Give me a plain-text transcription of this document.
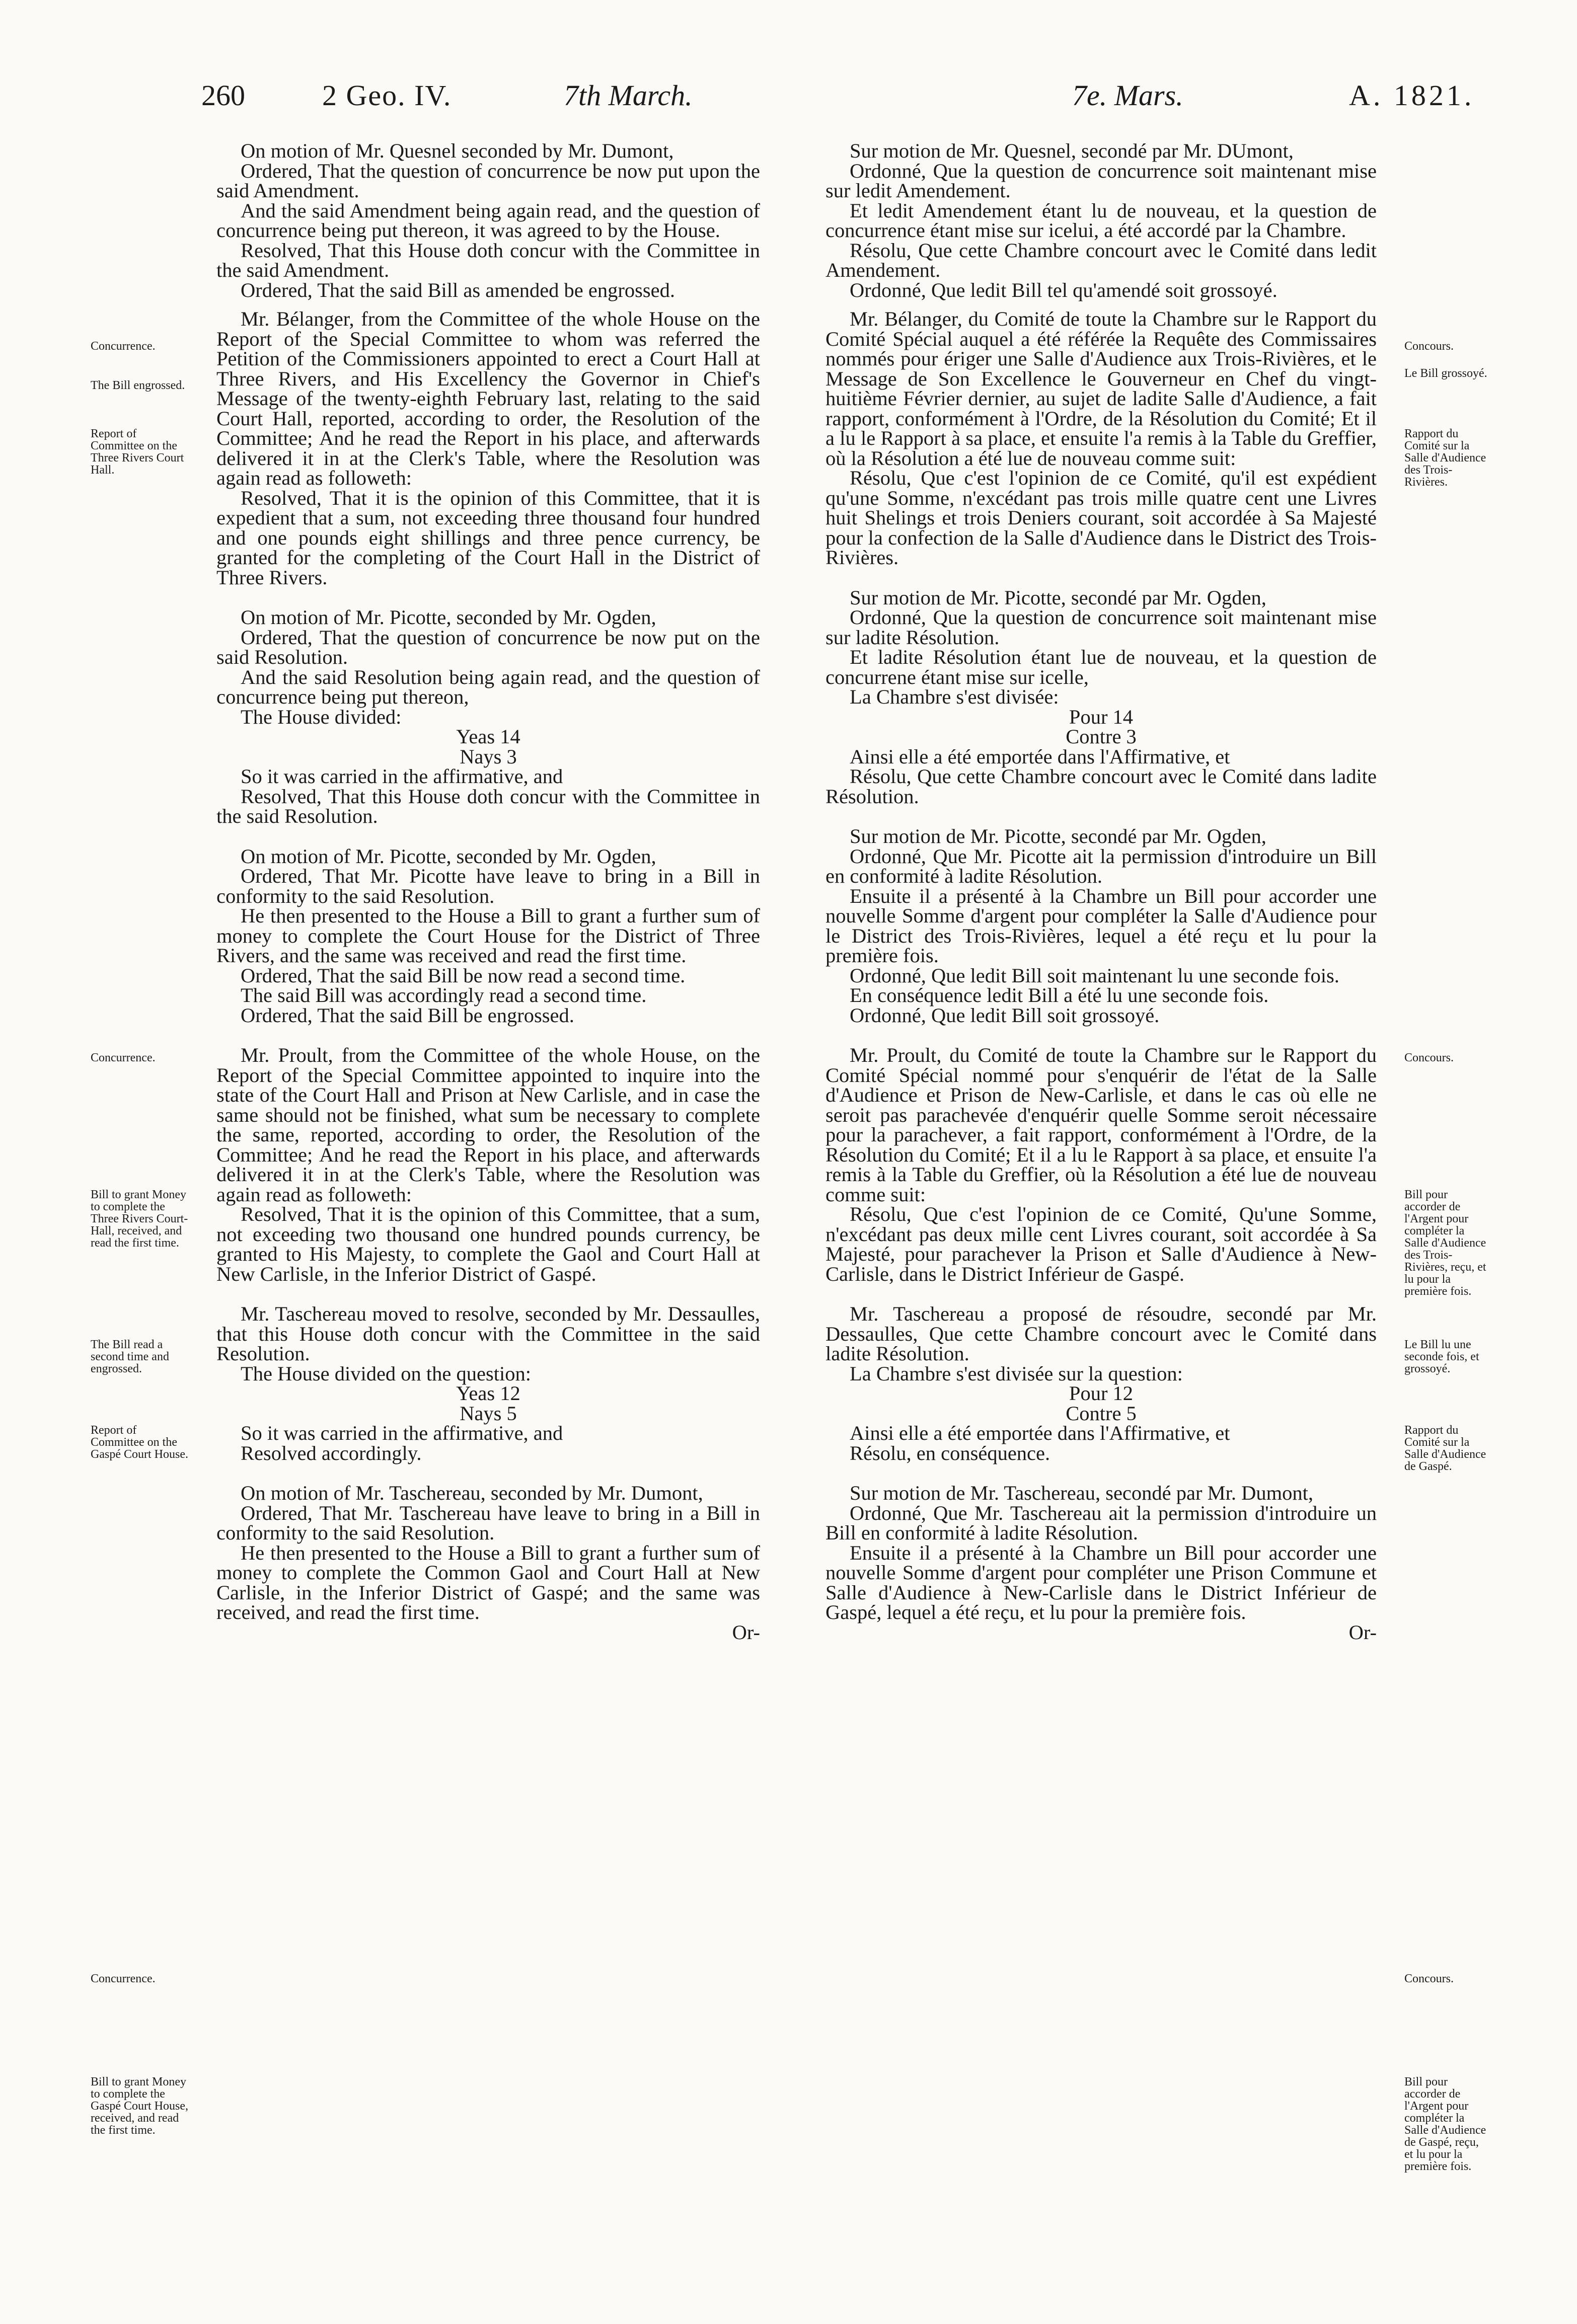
260	2 Geo. IV.	7th March.	7e. Mars.	A. 1821.

On motion of Mr. Quesnel seconded by Mr. Dumont,

Ordered, That the question of concurrence be now put upon the said Amendment.

And the said Amendment being again read, and the question of concurrence being put thereon, it was agreed to by the House.

Resolved, That this House doth concur with the Committee in the said Amendment.

Ordered, That the said Bill as amended be engrossed.

Mr. Bélanger, from the Committee of the whole House on the Report of the Special Committee to whom was referred the Petition of the Commissioners appointed to erect a Court Hall at Three Rivers, and His Excellency the Governor in Chief's Message of the twenty-eighth February last, relating to the said Court Hall, reported, according to order, the Resolution of the Committee; And he read the Report in his place, and afterwards delivered it in at the Clerk's Table, where the Resolution was again read as followeth:

Resolved, That it is the opinion of this Committee, that it is expedient that a sum, not exceeding three thousand four hundred and one pounds eight shillings and three pence currency, be granted for the completing of the Court Hall in the District of Three Rivers.

On motion of Mr. Picotte, seconded by Mr. Ogden,

Ordered, That the question of concurrence be now put on the said Resolution.

And the said Resolution being again read, and the question of concurrence being put thereon,

The House divided:

Yeas 14

Nays 3

So it was carried in the affirmative, and

Resolved, That this House doth concur with the Committee in the said Resolution.

On motion of Mr. Picotte, seconded by Mr. Ogden,

Ordered, That Mr. Picotte have leave to bring in a Bill in conformity to the said Resolution.

He then presented to the House a Bill to grant a further sum of money to complete the Court House for the District of Three Rivers, and the same was received and read the first time.

Ordered, That the said Bill be now read a second time.

The said Bill was accordingly read a second time.

Ordered, That the said Bill be engrossed.

Mr. Proult, from the Committee of the whole House, on the Report of the Special Committee appointed to inquire into the state of the Court Hall and Prison at New Carlisle, and in case the same should not be finished, what sum be necessary to complete the same, reported, according to order, the Resolution of the Committee; And he read the Report in his place, and afterwards delivered it in at the Clerk's Table, where the Resolution was again read as followeth:

Resolved, That it is the opinion of this Committee, that a sum, not exceeding two thousand one hundred pounds currency, be granted to His Majesty, to complete the Gaol and Court Hall at New Carlisle, in the Inferior District of Gaspé.

Mr. Taschereau moved to resolve, seconded by Mr. Dessaulles, that this House doth concur with the Committee in the said Resolution.

The House divided on the question:

Yeas 12

Nays 5

So it was carried in the affirmative, and

Resolved accordingly.

On motion of Mr. Taschereau, seconded by Mr. Dumont,

Ordered, That Mr. Taschereau have leave to bring in a Bill in conformity to the said Resolution.

He then presented to the House a Bill to grant a further sum of money to complete the Common Gaol and Court Hall at New Carlisle, in the Inferior District of Gaspé; and the same was received, and read the first time.

Or-

Sur motion de Mr. Quesnel, secondé par Mr. DUmont,

Ordonné, Que la question de concurrence soit maintenant mise sur ledit Amendement.

Et ledit Amendement étant lu de nouveau, et la question de concurrence étant mise sur icelui, a été accordé par la Chambre.

Résolu, Que cette Chambre concourt avec le Comité dans ledit Amendement.

Ordonné, Que ledit Bill tel qu'amendé soit grossoyé.

Mr. Bélanger, du Comité de toute la Chambre sur le Rapport du Comité Spécial auquel a été référée la Requête des Commissaires nommés pour ériger une Salle d'Audience aux Trois-Rivières, et le Message de Son Excellence le Gouverneur en Chef du vingt-huitième Février dernier, au sujet de ladite Salle d'Audience, a fait rapport, conformément à l'Ordre, de la Résolution du Comité; Et il a lu le Rapport à sa place, et ensuite l'a remis à la Table du Greffier, où la Résolution a été lue de nouveau comme suit:

Résolu, Que c'est l'opinion de ce Comité, qu'il est expédient qu'une Somme, n'excédant pas trois mille quatre cent une Livres huit Shelings et trois Deniers courant, soit accordée à Sa Majesté pour la confection de la Salle d'Audience dans le District des Trois-Rivières.

Sur motion de Mr. Picotte, secondé par Mr. Ogden,

Ordonné, Que la question de concurrence soit maintenant mise sur ladite Résolution.

Et ladite Résolution étant lue de nouveau, et la question de concurrene étant mise sur icelle,

La Chambre s'est divisée:

Pour 14

Contre 3

Ainsi elle a été emportée dans l'Affirmative, et

Résolu, Que cette Chambre concourt avec le Comité dans ladite Résolution.

Sur motion de Mr. Picotte, secondé par Mr. Ogden,

Ordonné, Que Mr. Picotte ait la permission d'introduire un Bill en conformité à ladite Résolution.

Ensuite il a présenté à la Chambre un Bill pour accorder une nouvelle Somme d'argent pour compléter la Salle d'Audience pour le District des Trois-Rivières, lequel a été reçu et lu pour la première fois.

Ordonné, Que ledit Bill soit maintenant lu une seconde fois.

En conséquence ledit Bill a été lu une seconde fois.

Ordonné, Que ledit Bill soit grossoyé.

Mr. Proult, du Comité de toute la Chambre sur le Rapport du Comité Spécial nommé pour s'enquérir de l'état de la Salle d'Audience et Prison de New-Carlisle, et dans le cas où elle ne seroit pas parachevée d'enquérir quelle Somme seroit nécessaire pour la parachever, a fait rapport, conformément à l'Ordre, de la Résolution du Comité; Et il a lu le Rapport à sa place, et ensuite l'a remis à la Table du Greffier, où la Résolution a été lue de nouveau comme suit:

Résolu, Que c'est l'opinion de ce Comité, Qu'une Somme, n'excédant pas deux mille cent Livres courant, soit accordée à Sa Majesté, pour parachever la Prison et Salle d'Audience à New-Carlisle, dans le District Inférieur de Gaspé.

Mr. Taschereau a proposé de résoudre, secondé par Mr. Dessaulles, Que cette Chambre concourt avec le Comité dans ladite Résolution.

La Chambre s'est divisée sur la question:

Pour 12

Contre 5

Ainsi elle a été emportée dans l'Affirmative, et

Résolu, en conséquence.

Sur motion de Mr. Taschereau, secondé par Mr. Dumont,

Ordonné, Que Mr. Taschereau ait la permission d'introduire un Bill en conformité à ladite Résolution.

Ensuite il a présenté à la Chambre un Bill pour accorder une nouvelle Somme d'argent pour compléter une Prison Commune et Salle d'Audience à New-Carlisle dans le District Inférieur de Gaspé, lequel a été reçu, et lu pour la première fois.

Or-

Concurrence.
The Bill engrossed.
Report of Committee on the Three Rivers Court Hall.
Concurrence.
Bill to grant Money to complete the Three Rivers Court-Hall, received, and read the first time.
The Bill read a second time and engrossed.
Report of Committee on the Gaspé Court House.
Concurrence.
Bill to grant Money to complete the Gaspé Court House, received, and read the first time.
Concours.
Le Bill grossoyé.
Rapport du Comité sur la Salle d'Audience des Trois-Rivières.
Concours.
Bill pour accorder de l'Argent pour compléter la Salle d'Audience des Trois-Rivières, reçu, et lu pour la première fois.
Le Bill lu une seconde fois, et grossoyé.
Rapport du Comité sur la Salle d'Audience de Gaspé.
Concours.
Bill pour accorder de l'Argent pour compléter la Salle d'Audience de Gaspé, reçu, et lu pour la première fois.
